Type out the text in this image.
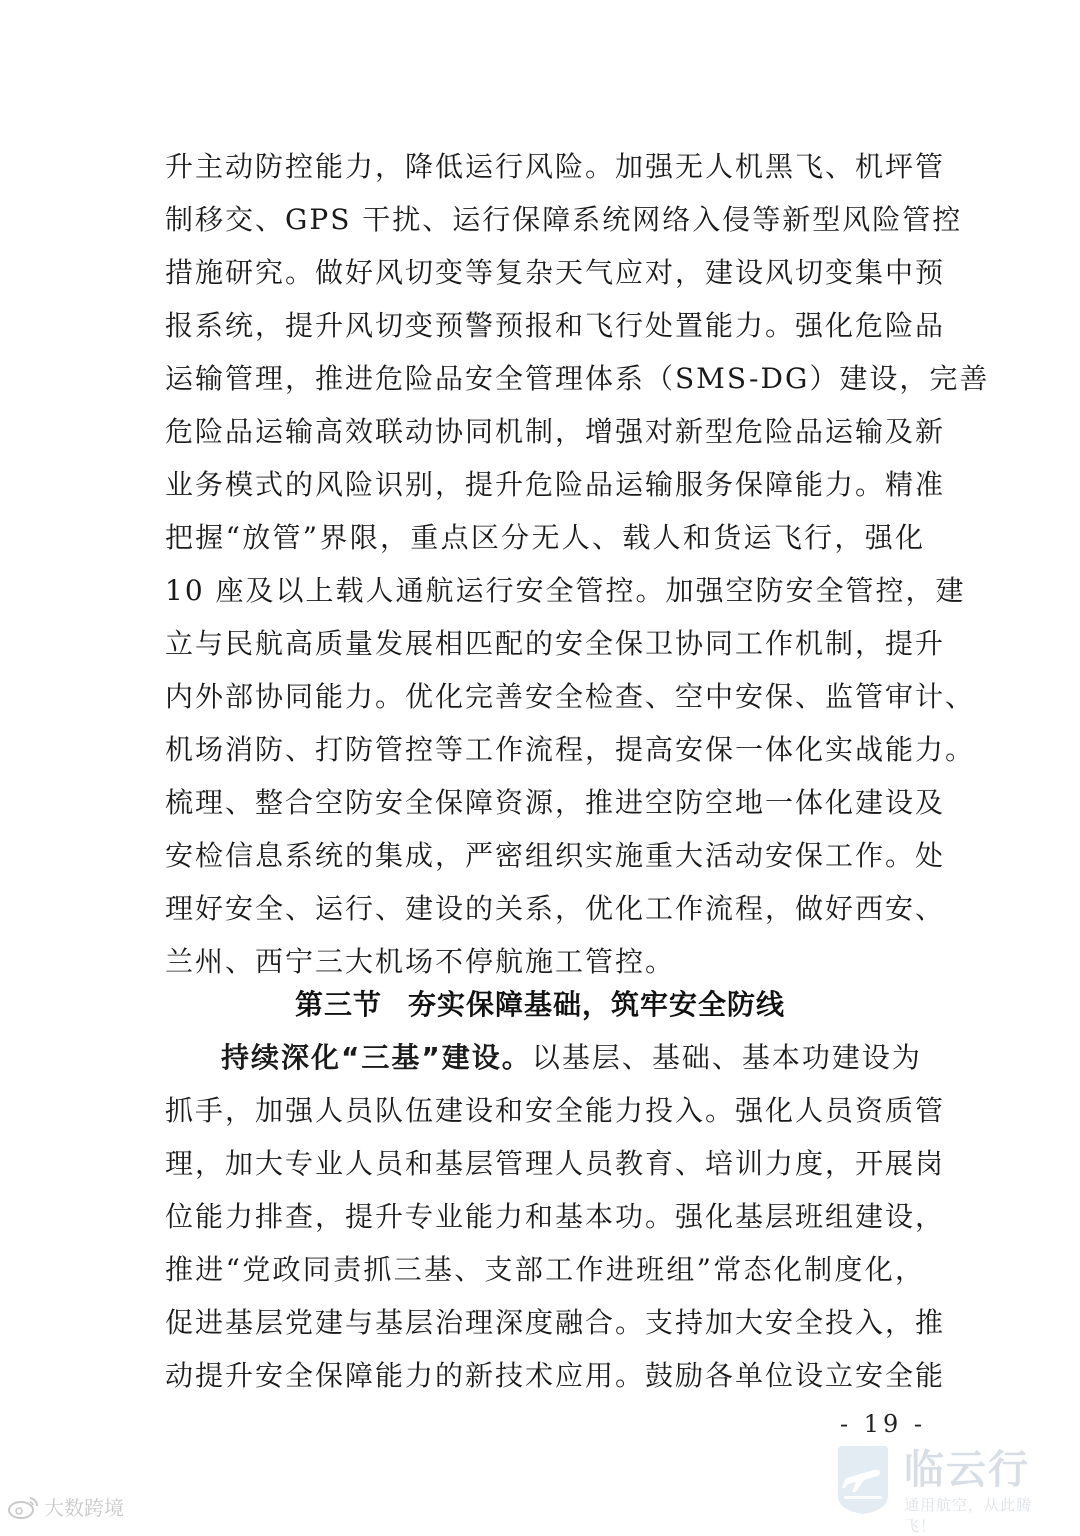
升主动防控能力，降低运行风险。加强无人机黑飞、机坪管
制移交、GPS 干扰、运行保障系统网络入侵等新型风险管控
措施研究。做好风切变等复杂天气应对，建设风切变集中预
报系统，提升风切变预警预报和飞行处置能力。强化危险品
运输管理，推进危险品安全管理体系（SMS-DG）建设，完善
危险品运输高效联动协同机制，增强对新型危险品运输及新
业务模式的风险识别，提升危险品运输服务保障能力。精准
把握“放管”界限，重点区分无人、载人和货运飞行，强化
10 座及以上载人通航运行安全管控。加强空防安全管控，建
立与民航高质量发展相匹配的安全保卫协同工作机制，提升
内外部协同能力。优化完善安全检查、空中安保、监管审计、
机场消防、打防管控等工作流程，提高安保一体化实战能力。
梳理、整合空防安全保障资源，推进空防空地一体化建设及
安检信息系统的集成，严密组织实施重大活动安保工作。处
理好安全、运行、建设的关系，优化工作流程，做好西安、
兰州、西宁三大机场不停航施工管控。
第三节 夯实保障基础，筑牢安全防线
持续深化“三基”建设。以基层、基础、基本功建设为
抓手，加强人员队伍建设和安全能力投入。强化人员资质管
理，加大专业人员和基层管理人员教育、培训力度，开展岗
位能力排查，提升专业能力和基本功。强化基层班组建设，
推进“党政同责抓三基、支部工作进班组”常态化制度化，
促进基层党建与基层治理深度融合。支持加大安全投入，推
动提升安全保障能力的新技术应用。鼓励各单位设立安全能
- 19 -
大数跨境
临云行
通用航空，从此腾飞！
